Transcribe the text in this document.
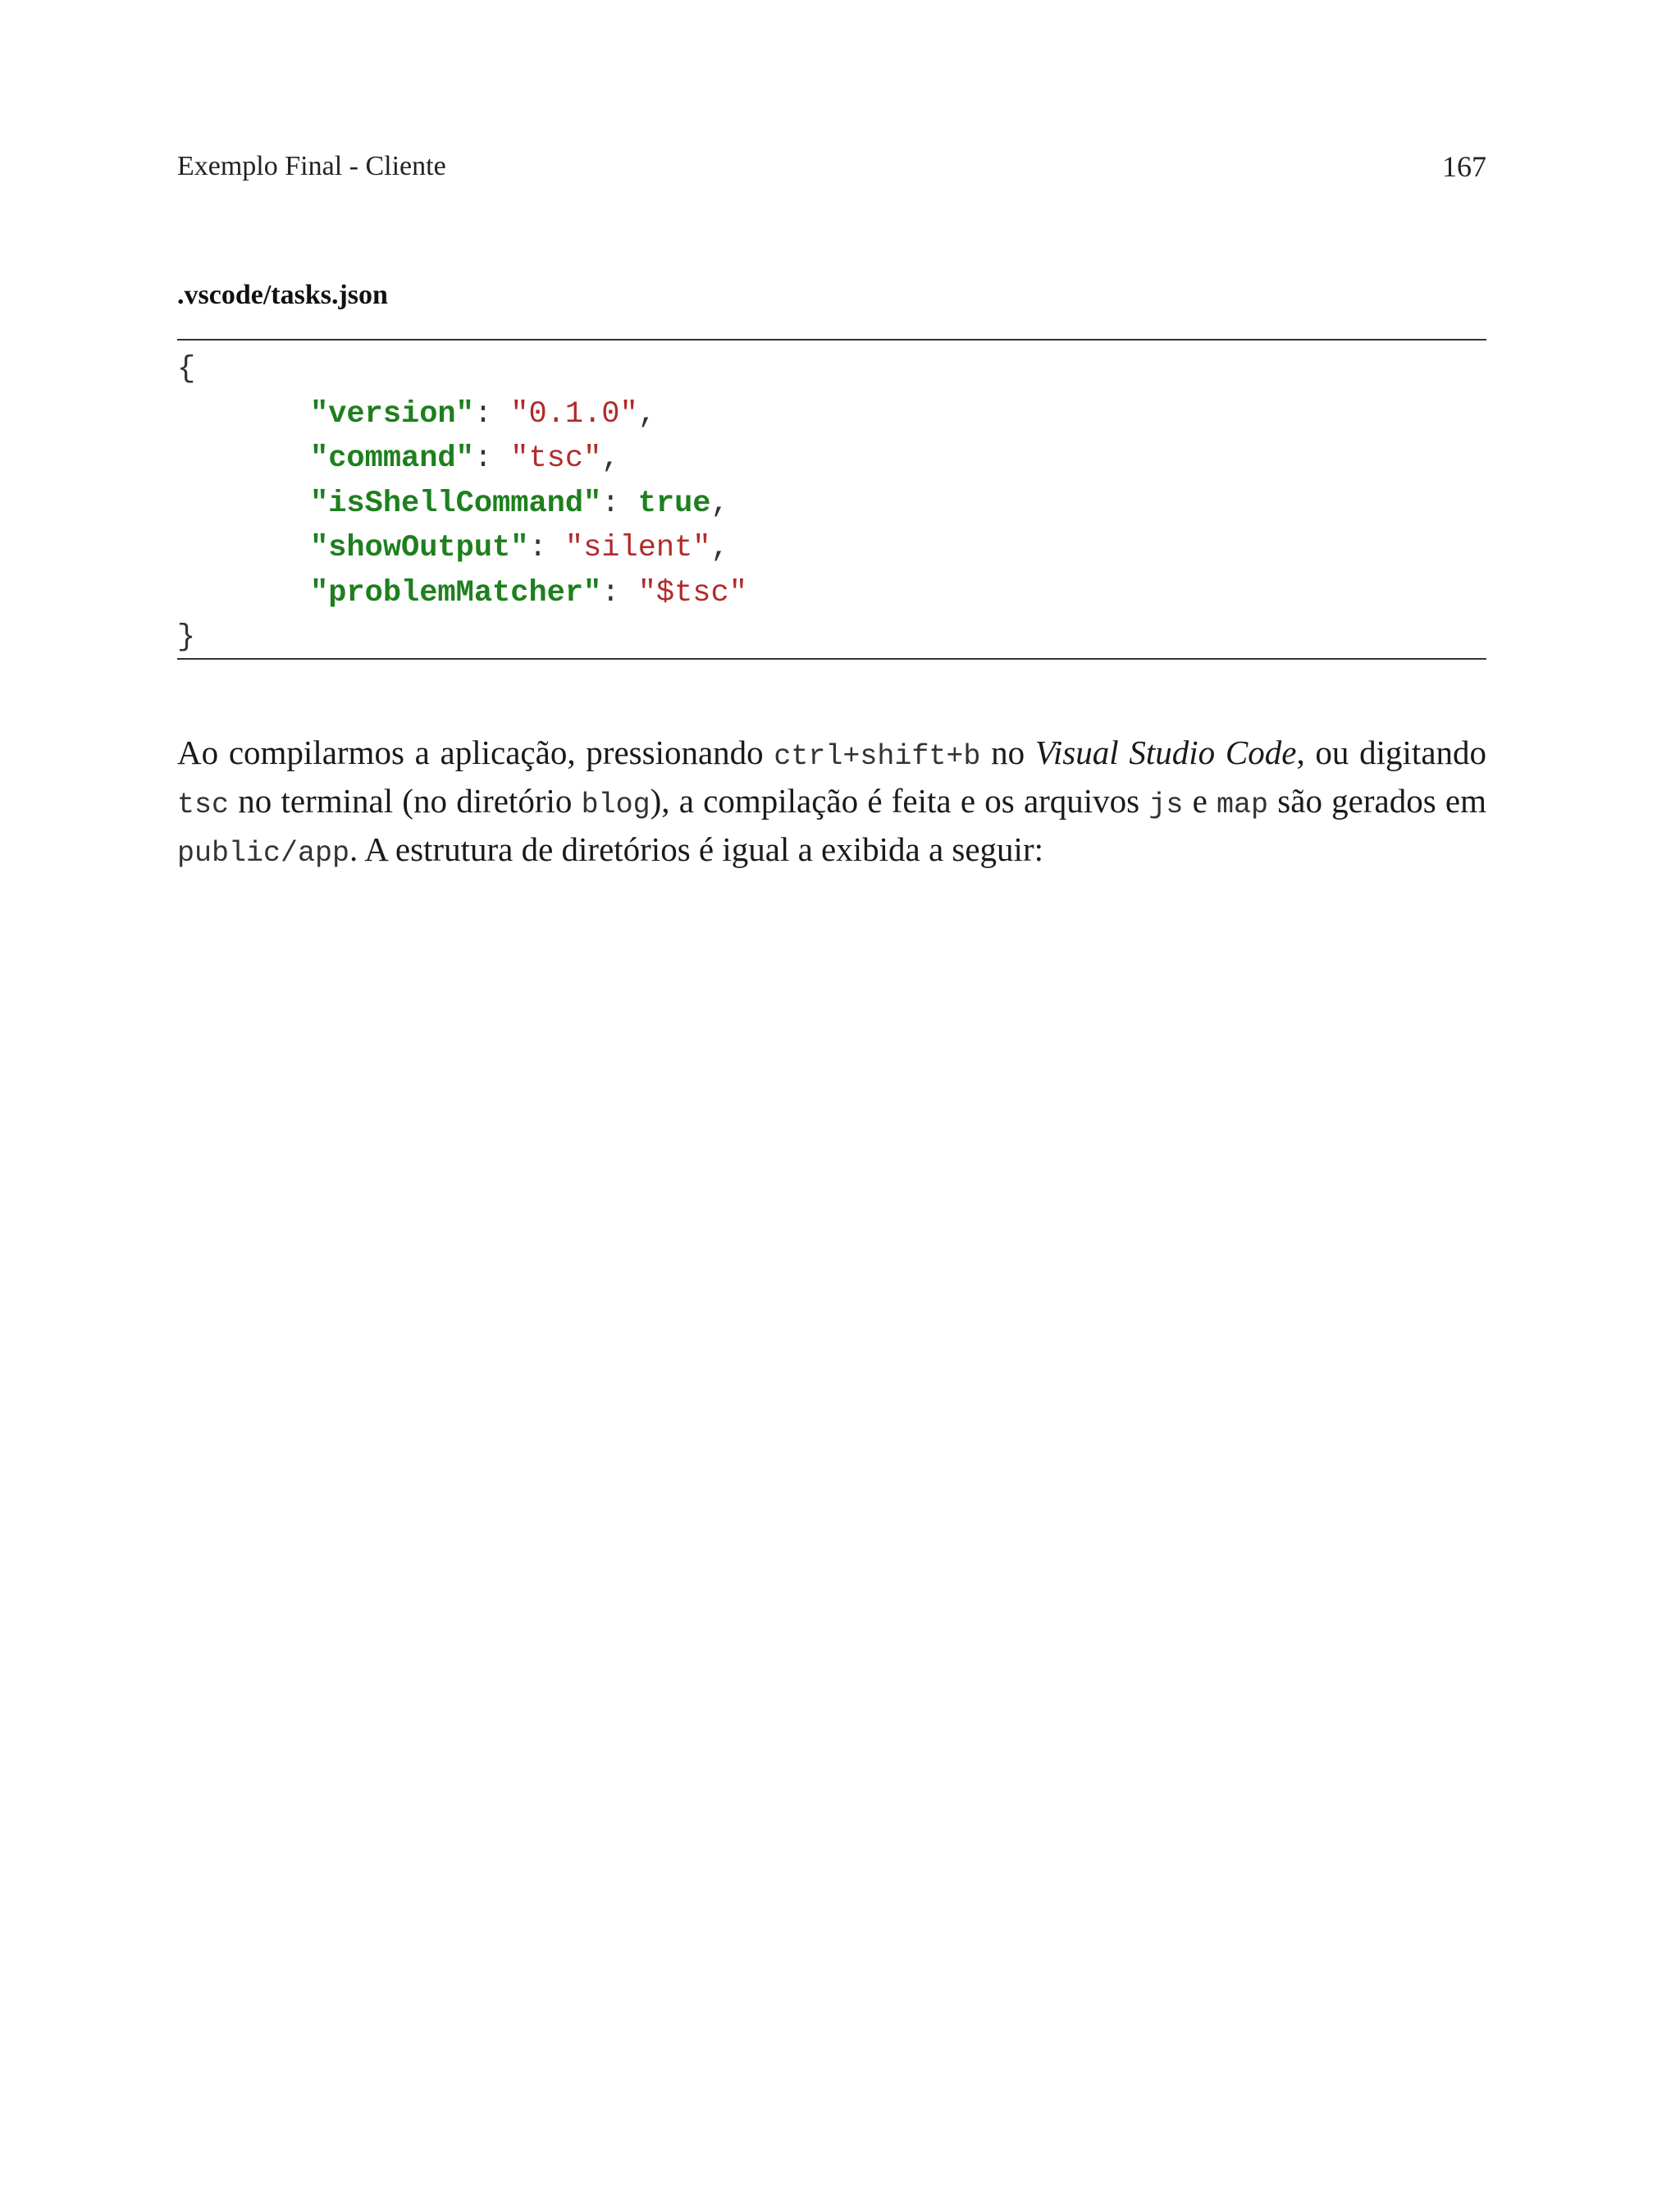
Exemplo Final - Cliente	167
.vscode/tasks.json
{
"version": "0.1.0",
"command": "tsc",
"isShellCommand": true,
"showOutput": "silent",
"problemMatcher": "$tsc"
}

Ao compilarmos a aplicação, pressionando ctrl+shift+b no Visual Studio Code, ou digitando tsc no terminal (no diretório blog), a compilação é feita e os arquivos js e map são gerados em public/app. A estrutura de diretórios é igual a exibida a seguir:
